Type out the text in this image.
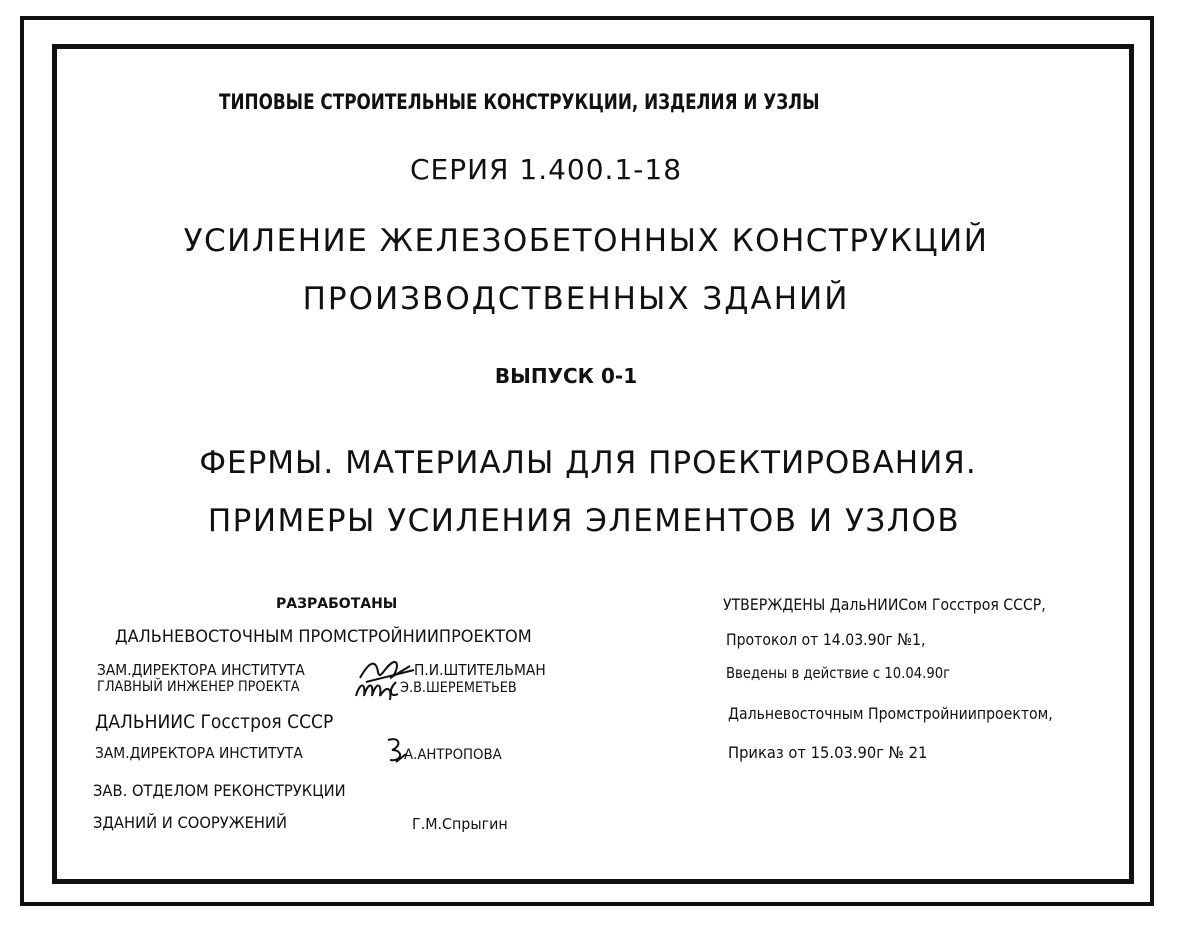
ТИПОВЫЕ СТРОИТЕЛЬНЫЕ КОНСТРУКЦИИ, ИЗДЕЛИЯ И УЗЛЫ
СЕРИЯ 1.400.1-18
УСИЛЕНИЕ ЖЕЛЕЗОБЕТОННЫХ КОНСТРУКЦИЙ
ПРОИЗВОДСТВЕННЫХ ЗДАНИЙ
ВЫПУСК 0-1
ФЕРМЫ. МАТЕРИАЛЫ ДЛЯ ПРОЕКТИРОВАНИЯ.
ПРИМЕРЫ УСИЛЕНИЯ ЭЛЕМЕНТОВ И УЗЛОВ
РАЗРАБОТАНЫ
ДАЛЬНЕВОСТОЧНЫМ ПРОМСТРОЙНИИПРОЕКТОМ
ЗАМ.ДИРЕКТОРА ИНСТИТУТА	П.И.ШТИТЕЛЬМАН
ГЛАВНЫЙ ИНЖЕНЕР ПРОЕКТА	Э.В.ШЕРЕМЕТЬЕВ
ДАЛЬНИИС Госстроя СССР
ЗАМ.ДИРЕКТОРА ИНСТИТУТА	А.АНТРОПОВА
ЗАВ. ОТДЕЛОМ РЕКОНСТРУКЦИИ
ЗДАНИЙ И СООРУЖЕНИЙ	Г.М.Спрыгин
УТВЕРЖДЕНЫ ДальНИИСом Госстроя СССР,
Протокол от 14.03.90г №1,
Введены в действие с 10.04.90г
Дальневосточным Промстройниипроектом,
Приказ от 15.03.90г № 21
